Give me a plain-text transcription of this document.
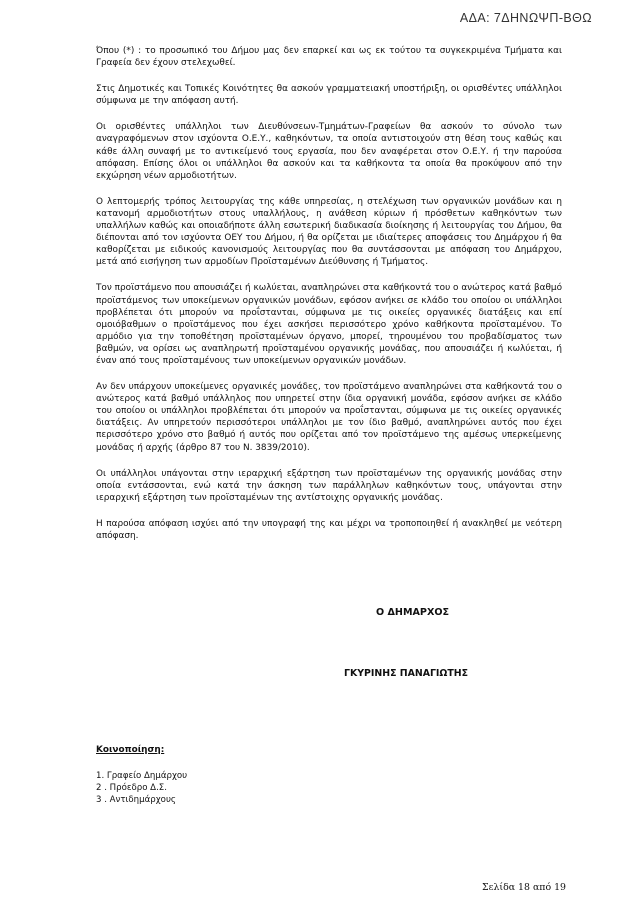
ΑΔΑ: 7ΔΗΝΩΨΠ-ΒΘΩ

Όπου (*) : το προσωπικό του Δήμου μας δεν επαρκεί και ως εκ τούτου τα συγκεκριμένα Τμήματα και Γραφεία δεν έχουν στελεχωθεί.

Στις Δημοτικές και Τοπικές Κοινότητες θα ασκούν γραμματειακή υποστήριξη, οι ορισθέντες υπάλληλοι σύμφωνα με την απόφαση αυτή.

Οι ορισθέντες υπάλληλοι των Διευθύνσεων-Τμημάτων-Γραφείων θα ασκούν το σύνολο των αναγραφόμενων στον ισχύοντα Ο.Ε.Υ., καθηκόντων, τα οποία αντιστοιχούν στη θέση τους καθώς και κάθε άλλη συναφή με το αντικείμενό τους εργασία, που δεν αναφέρεται στον Ο.Ε.Υ. ή την παρούσα απόφαση. Επίσης όλοι οι υπάλληλοι θα ασκούν και τα καθήκοντα τα οποία θα προκύψουν από την εκχώρηση νέων αρμοδιοτήτων.

Ο λεπτομερής τρόπος λειτουργίας της κάθε υπηρεσίας, η στελέχωση των οργανικών μονάδων και η κατανομή αρμοδιοτήτων στους υπαλλήλους, η ανάθεση κύριων ή πρόσθετων καθηκόντων των υπαλλήλων καθώς και οποιαδήποτε άλλη εσωτερική διαδικασία διοίκησης ή λειτουργίας του Δήμου, θα διέπονται από τον ισχύοντα ΟΕΥ του Δήμου, ή θα ορίζεται με ιδιαίτερες αποφάσεις του Δημάρχου ή θα καθορίζεται με ειδικούς κανονισμούς λειτουργίας που θα συντάσσονται με απόφαση του Δημάρχου, μετά από εισήγηση των αρμοδίων Προϊσταμένων Διεύθυνσης ή Τμήματος.

Τον προϊστάμενο που απουσιάζει ή κωλύεται, αναπληρώνει στα καθήκοντά του ο ανώτερος κατά βαθμό προϊστάμενος των υποκείμενων οργανικών μονάδων, εφόσον ανήκει σε κλάδο του οποίου οι υπάλληλοι προβλέπεται ότι μπορούν να προΐστανται, σύμφωνα με τις οικείες οργανικές διατάξεις και επί ομοιόβαθμων ο προϊστάμενος που έχει ασκήσει περισσότερο χρόνο καθήκοντα προϊσταμένου. Το αρμόδιο για την τοποθέτηση προϊσταμένων όργανο, μπορεί, τηρουμένου του προβαδίσματος των βαθμών, να ορίσει ως αναπληρωτή προϊσταμένου οργανικής μονάδας, που απουσιάζει ή κωλύεται, ή έναν από τους προϊσταμένους των υποκείμενων οργανικών μονάδων.

Αν δεν υπάρχουν υποκείμενες οργανικές μονάδες, τον προϊστάμενο αναπληρώνει στα καθήκοντά του ο ανώτερος κατά βαθμό υπάλληλος που υπηρετεί στην ίδια οργανική μονάδα, εφόσον ανήκει σε κλάδο του οποίου οι υπάλληλοι προβλέπεται ότι μπορούν να προΐστανται, σύμφωνα με τις οικείες οργανικές διατάξεις. Αν υπηρετούν περισσότεροι υπάλληλοι με τον ίδιο βαθμό, αναπληρώνει αυτός που έχει περισσότερο χρόνο στο βαθμό ή αυτός που ορίζεται από τον προϊστάμενο της αμέσως υπερκείμενης μονάδας ή αρχής (άρθρο 87 του Ν. 3839/2010).

Οι υπάλληλοι υπάγονται στην ιεραρχική εξάρτηση των προϊσταμένων της οργανικής μονάδας στην οποία εντάσσονται, ενώ κατά την άσκηση των παράλληλων καθηκόντων τους, υπάγονται στην ιεραρχική εξάρτηση των προϊσταμένων της αντίστοιχης οργανικής μονάδας.

Η παρούσα απόφαση ισχύει από την υπογραφή της και μέχρι να τροποποιηθεί ή ανακληθεί με νεότερη απόφαση.

Ο ΔΗΜΑΡΧΟΣ
ΓΚΥΡΙΝΗΣ ΠΑΝΑΓΙΩΤΗΣ
Κοινοποίηση:
1. Γραφείο Δημάρχου
2 . Πρόεδρο Δ.Σ.
3 . Αντιδημάρχους
Σελίδα 18 από 19
